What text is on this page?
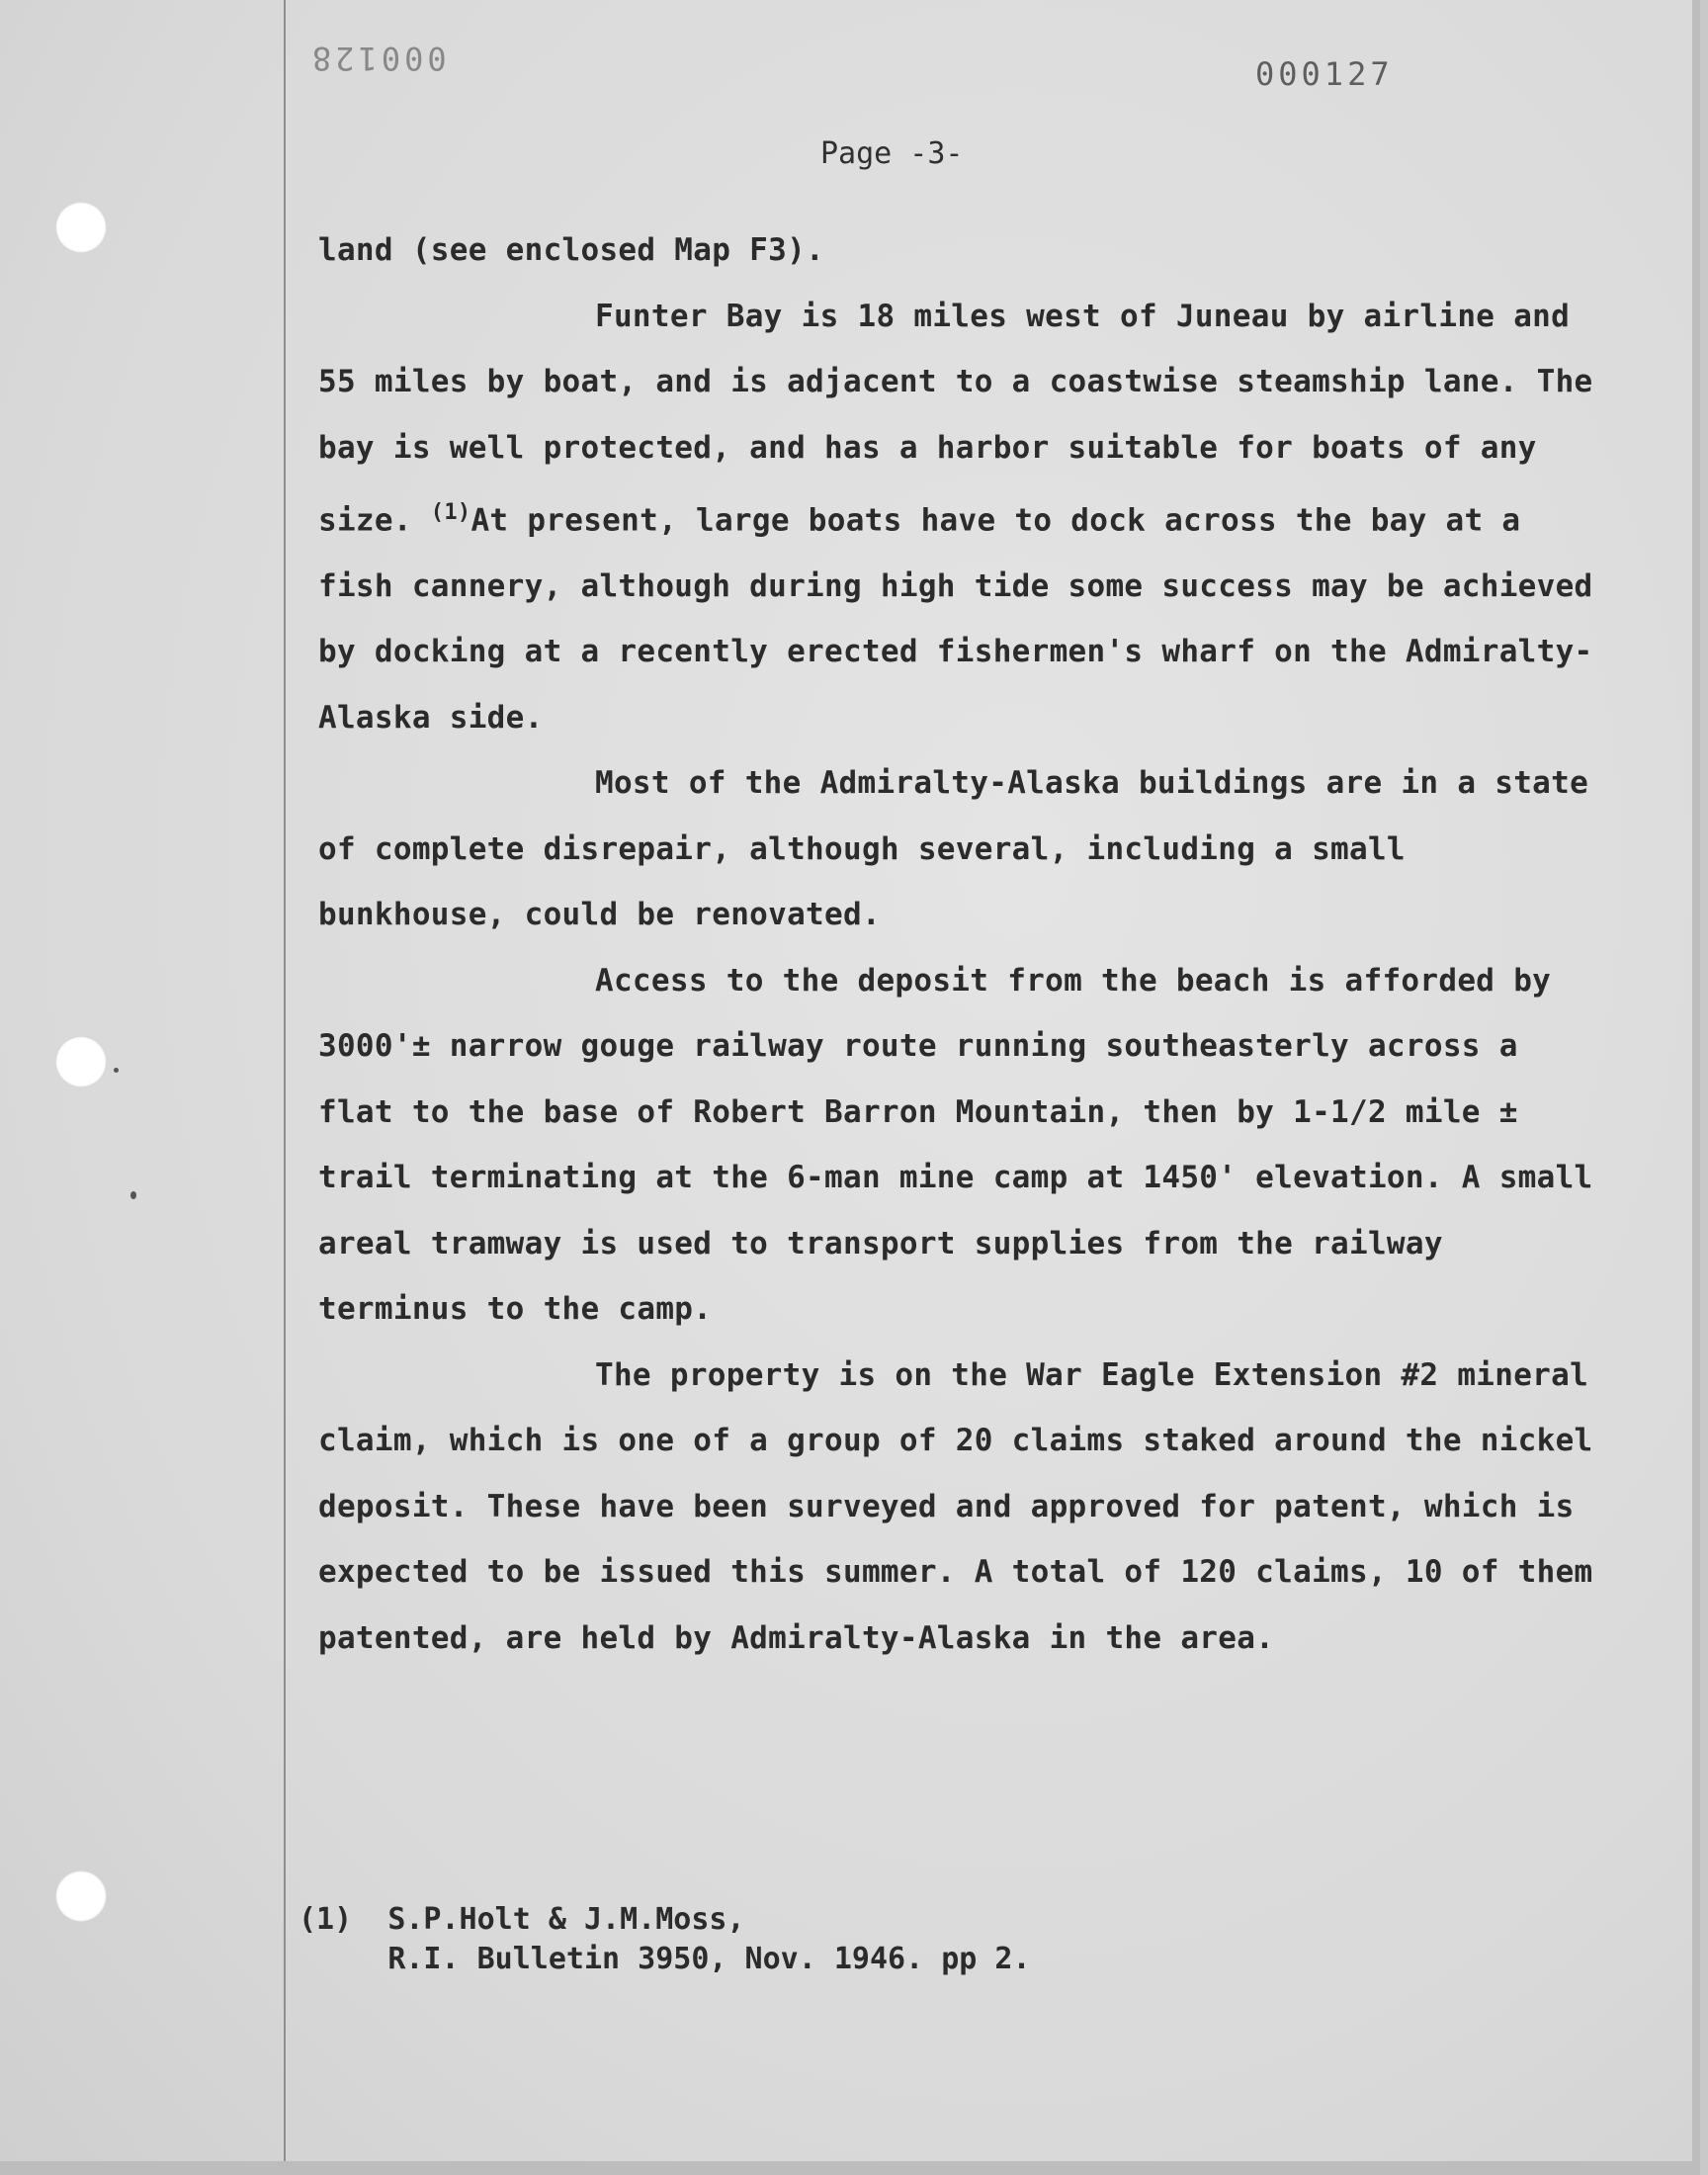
000128	000127
Page -3-

land (see enclosed Map F3).

Funter Bay is 18 miles west of Juneau by airline and 55 miles by boat, and is adjacent to a coastwise steamship lane. The bay is well protected, and has a harbor suitable for boats of any size. $^{(1)}$At present, large boats have to dock across the bay at a fish cannery, although during high tide some success may be achieved by docking at a recently erected fishermen's wharf on the Admiralty-Alaska side.

Most of the Admiralty-Alaska buildings are in a state of complete disrepair, although several, including a small bunkhouse, could be renovated.

Access to the deposit from the beach is afforded by 3000'± narrow gouge railway route running southeasterly across a flat to the base of Robert Barron Mountain, then by 1-1/2 mile ± trail terminating at the 6-man mine camp at 1450' elevation. A small areal tramway is used to transport supplies from the railway terminus to the camp.

The property is on the War Eagle Extension #2 mineral claim, which is one of a group of 20 claims staked around the nickel deposit. These have been surveyed and approved for patent, which is expected to be issued this summer. A total of 120 claims, 10 of them patented, are held by Admiralty-Alaska in the area.

(1) S.P.Holt & J.M.Moss,
R.I. Bulletin 3950, Nov. 1946. pp 2.
